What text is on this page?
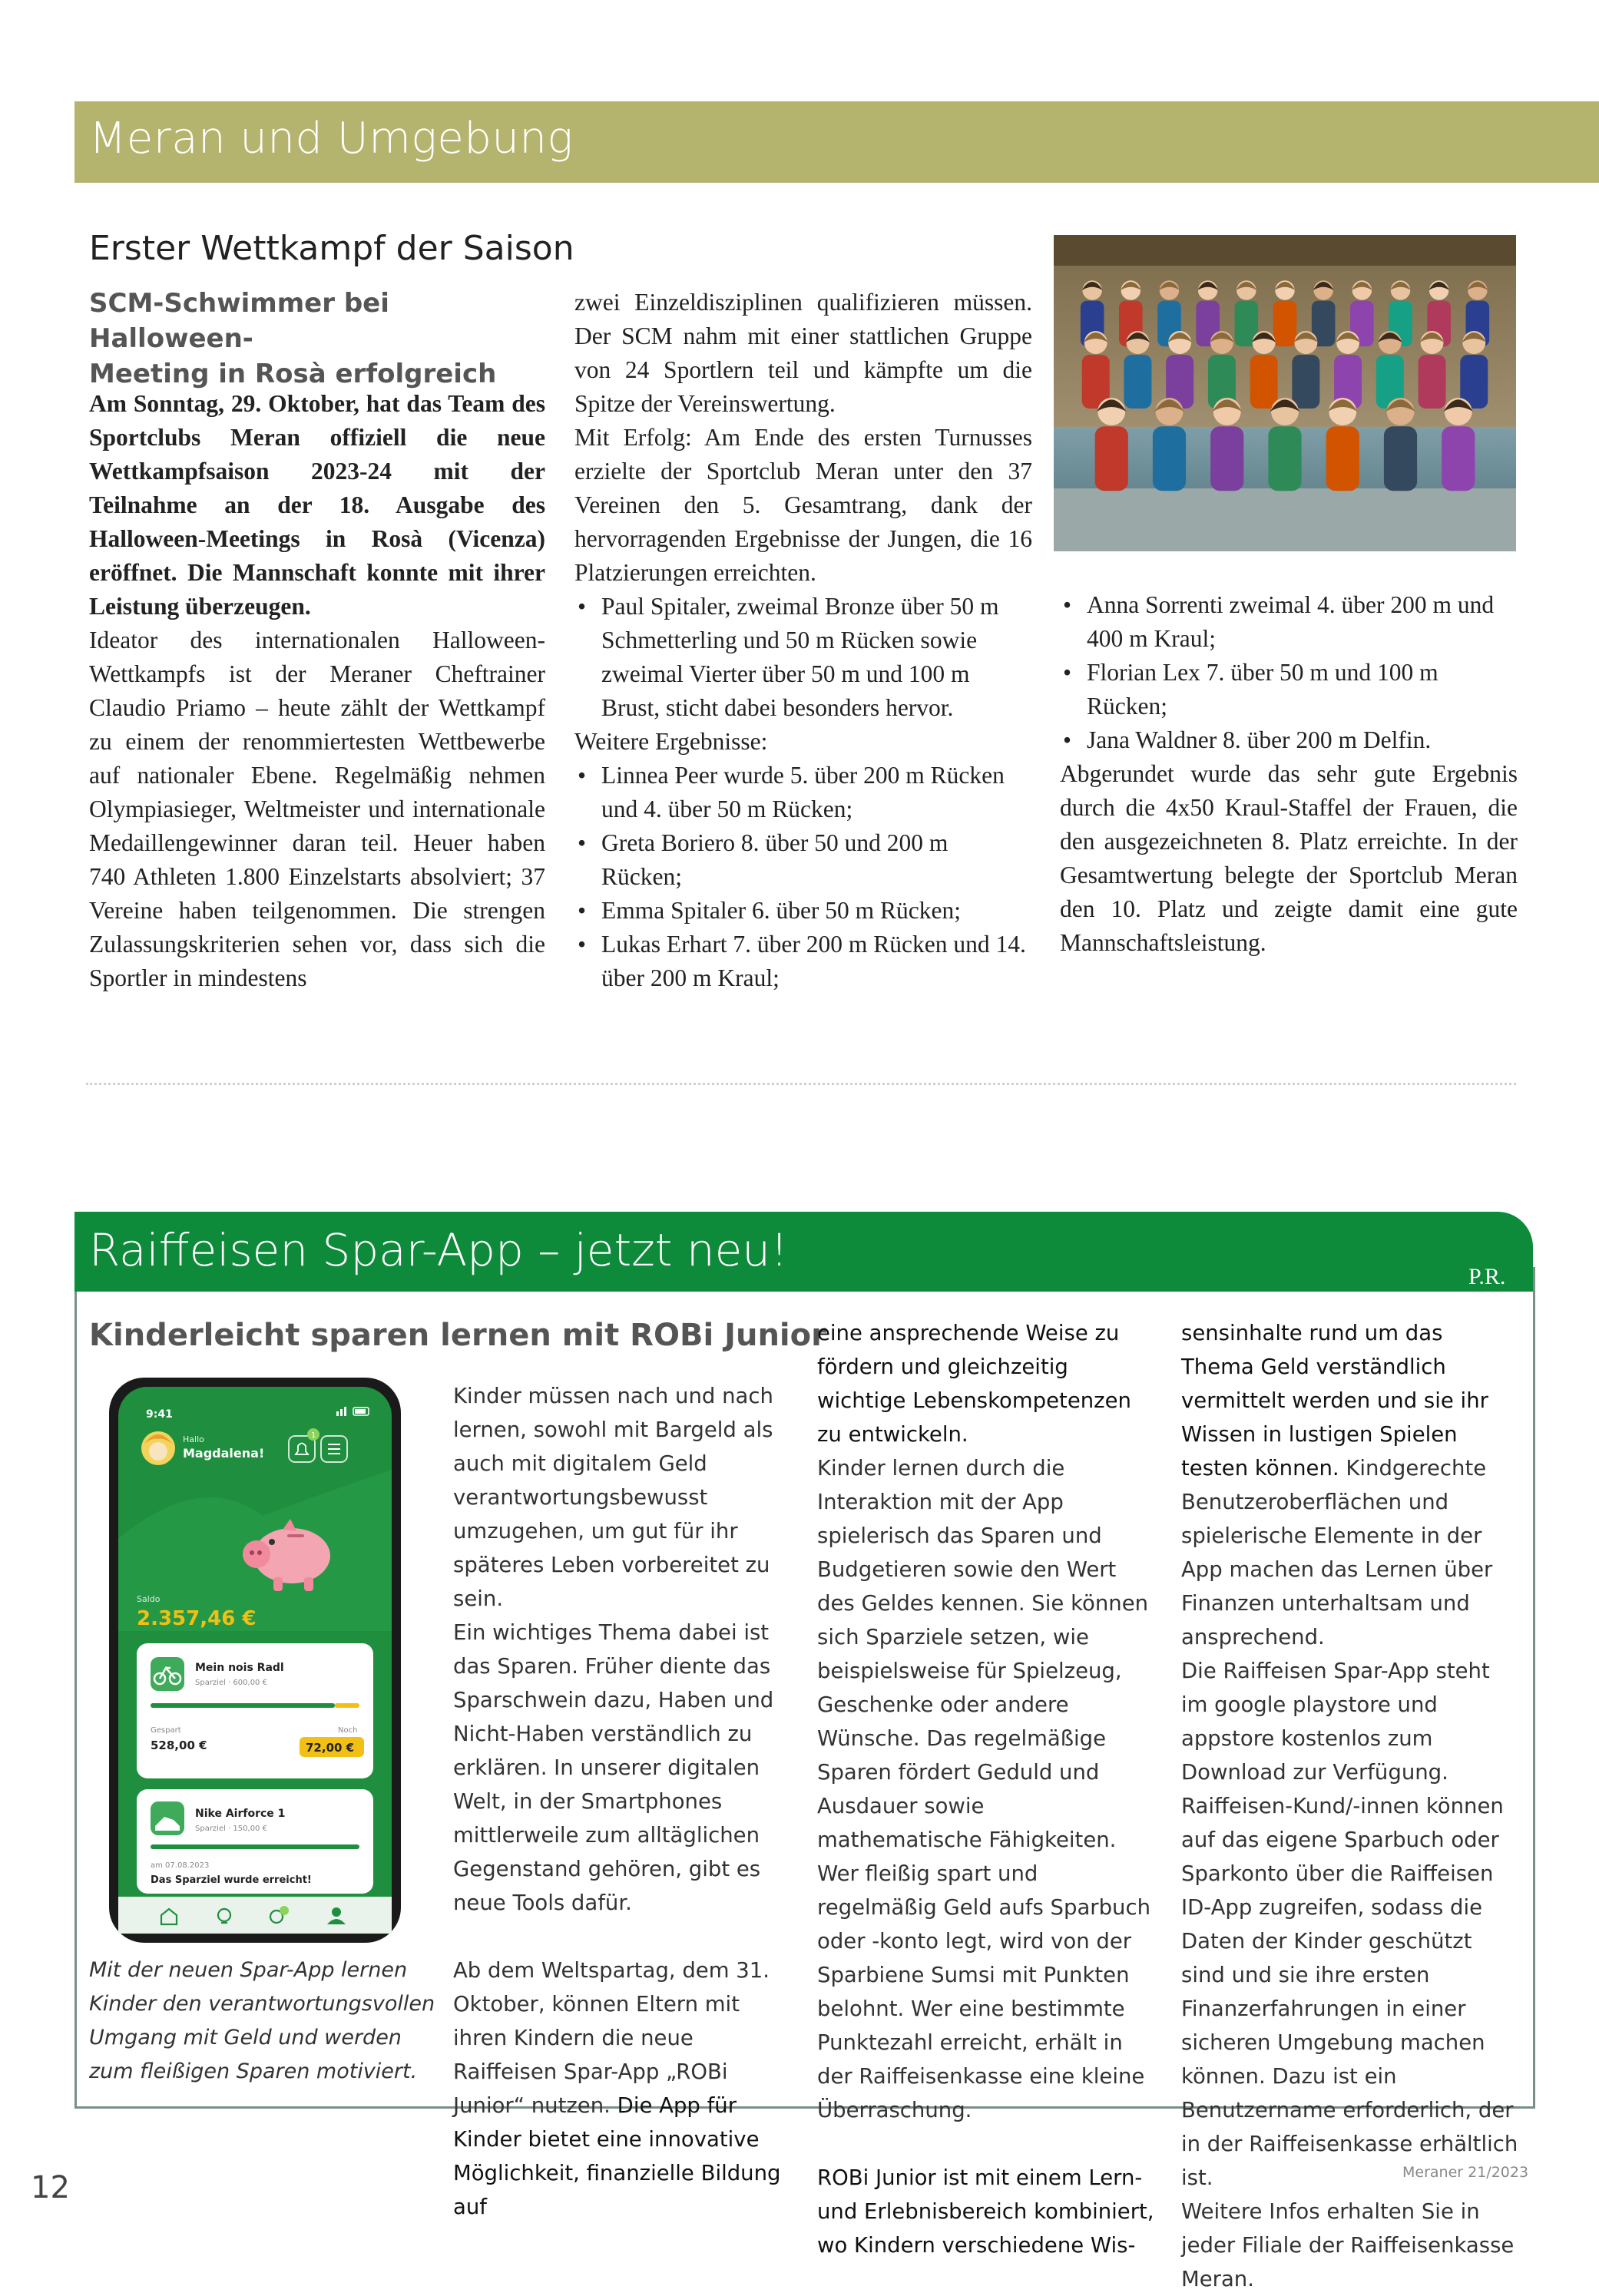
Meran und Umgebung
Erster Wettkampf der Saison
SCM-Schwimmer bei Halloween-
Meeting in Rosà erfolgreich

Am Sonntag, 29. Oktober, hat das Team des Sportclubs Meran offiziell die neue Wettkampfsaison 2023-24 mit der Teilnahme an der 18. Ausgabe des Halloween-Meetings in Rosà (Vicenza) eröffnet. Die Mannschaft konnte mit ihrer Leistung überzeugen.

Ideator des internationalen Halloween-Wettkampfs ist der Meraner Cheftrainer Claudio Priamo – heute zählt der Wettkampf zu einem der renommiertesten Wettbewerbe auf nationaler Ebene. Regelmäßig nehmen Olympiasieger, Weltmeister und internationale Medaillengewinner daran teil. Heuer haben 740 Athleten 1.800 Einzelstarts absolviert; 37 Vereine haben teilgenommen. Die strengen Zulassungskriterien sehen vor, dass sich die Sportler in mindestens

zwei Einzeldisziplinen qualifizieren müssen. Der SCM nahm mit einer stattlichen Gruppe von 24 Sportlern teil und kämpfte um die Spitze der Vereinswertung.

Mit Erfolg: Am Ende des ersten Turnusses erzielte der Sportclub Meran unter den 37 Vereinen den 5. Gesamtrang, dank der hervorragenden Ergebnisse der Jungen, die 16 Platzierungen erreichten.

• Paul Spitaler, zweimal Bronze über 50 m Schmetterling und 50 m Rücken sowie zweimal Vierter über 50 m und 100 m Brust, sticht dabei besonders hervor.

Weitere Ergebnisse:

• Linnea Peer wurde 5. über 200 m Rücken und 4. über 50 m Rücken;
• Greta Boriero 8. über 50 und 200 m Rücken;
• Emma Spitaler 6. über 50 m Rücken;
• Lukas Erhart 7. über 200 m Rücken und 14. über 200 m Kraul;
• Anna Sorrenti zweimal 4. über 200 m und 400 m Kraul;
• Florian Lex 7. über 50 m und 100 m Rücken;
• Jana Waldner 8. über 200 m Delfin.

Abgerundet wurde das sehr gute Ergebnis durch die 4x50 Kraul-Staffel der Frauen, die den ausgezeichneten 8. Platz erreichte. In der Gesamtwertung belegte der Sportclub Meran den 10. Platz und zeigte damit eine gute Mannschaftsleistung.

Raiffeisen Spar-App – jetzt neu!
P.R.
Kinderleicht sparen lernen mit ROBi Junior
9:41
Hallo
Magdalena!
1
Saldo
2.357,46 €
Mein nois Radl
Sparziel · 600,00 €
Gespart
528,00 €
Noch
72,00 €
Nike Airforce 1
Sparziel · 150,00 €
am 07.08.2023
Das Sparziel wurde erreicht!
Mit der neuen Spar-App lernen Kinder den verantwortungsvollen Umgang mit Geld und werden zum fleißigen Sparen motiviert.

Kinder müssen nach und nach lernen, sowohl mit Bargeld als auch mit digitalem Geld verantwortungsbewusst umzugehen, um gut für ihr späteres Leben vorbereitet zu sein.

Ein wichtiges Thema dabei ist das Sparen. Früher diente das Sparschwein dazu, Haben und Nicht-Haben verständlich zu erklären. In unserer digitalen Welt, in der Smartphones mittlerweile zum alltäglichen Gegenstand gehören, gibt es neue Tools dafür.

Ab dem Weltspartag, dem 31. Oktober, können Eltern mit ihren Kindern die neue Raiffeisen Spar-App „ROBi Junior“ nutzen. Die App für Kinder bietet eine innovative Möglichkeit, finanzielle Bildung auf

eine ansprechende Weise zu fördern und gleichzeitig wichtige Lebenskompetenzen zu entwickeln.

Kinder lernen durch die Interaktion mit der App spielerisch das Sparen und Budgetieren sowie den Wert des Geldes kennen. Sie können sich Sparziele setzen, wie beispielsweise für Spielzeug, Geschenke oder andere Wünsche. Das regelmäßige Sparen fördert Geduld und Ausdauer sowie mathematische Fähigkeiten. Wer fleißig spart und regelmäßig Geld aufs Sparbuch oder -konto legt, wird von der Sparbiene Sumsi mit Punkten belohnt. Wer eine bestimmte Punktezahl erreicht, erhält in der Raiffeisenkasse eine kleine Überraschung.

ROBi Junior ist mit einem Lern- und Erlebnisbereich kombiniert, wo Kindern verschiedene Wis-

sensinhalte rund um das Thema Geld verständlich vermittelt werden und sie ihr Wissen in lustigen Spielen testen können. Kindgerechte Benutzeroberflächen und spielerische Elemente in der App machen das Lernen über Finanzen unterhaltsam und ansprechend.

Die Raiffeisen Spar-App steht im google playstore und appstore kostenlos zum Download zur Verfügung. Raiffeisen-Kund/-innen können auf das eigene Sparbuch oder Sparkonto über die Raiffeisen ID-App zugreifen, sodass die Daten der Kinder geschützt sind und sie ihre ersten Finanzerfahrungen in einer sicheren Umgebung machen können. Dazu ist ein Benutzername erforderlich, der in der Raiffeisenkasse erhältlich ist.

Weitere Infos erhalten Sie in jeder Filiale der Raiffeisenkasse Meran.

12	Meraner 21/2023
